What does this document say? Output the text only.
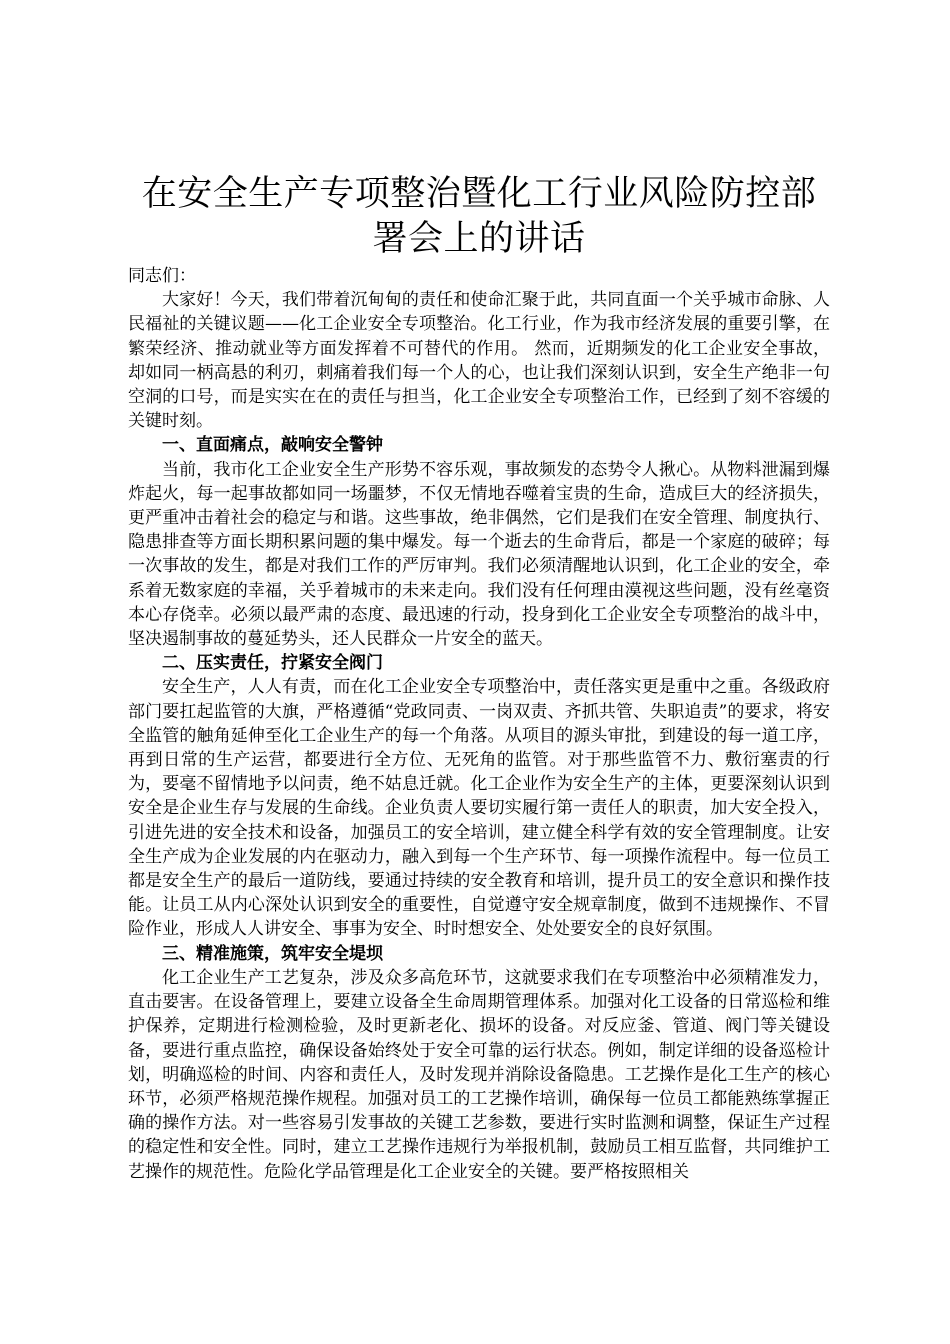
在安全生产专项整治暨化工行业风险防控部署会上的讲话

同志们：

大家好！今天，我们带着沉甸甸的责任和使命汇聚于此，共同直面一个关乎城市命脉、人民福祉的关键议题——化工企业安全专项整治。化工行业，作为我市经济发展的重要引擎，在繁荣经济、推动就业等方面发挥着不可替代的作用。 然而，近期频发的化工企业安全事故，却如同一柄高悬的利刃，刺痛着我们每一个人的心，也让我们深刻认识到，安全生产绝非一句空洞的口号，而是实实在在的责任与担当，化工企业安全专项整治工作，已经到了刻不容缓的关键时刻。

一、直面痛点，敲响安全警钟

当前，我市化工企业安全生产形势不容乐观，事故频发的态势令人揪心。从物料泄漏到爆炸起火，每一起事故都如同一场噩梦，不仅无情地吞噬着宝贵的生命，造成巨大的经济损失，更严重冲击着社会的稳定与和谐。这些事故，绝非偶然，它们是我们在安全管理、制度执行、隐患排查等方面长期积累问题的集中爆发。每一个逝去的生命背后，都是一个家庭的破碎；每一次事故的发生，都是对我们工作的严厉审判。我们必须清醒地认识到，化工企业的安全，牵系着无数家庭的幸福，关乎着城市的未来走向。我们没有任何理由漠视这些问题，没有丝毫资本心存侥幸。必须以最严肃的态度、最迅速的行动，投身到化工企业安全专项整治的战斗中，坚决遏制事故的蔓延势头，还人民群众一片安全的蓝天。

二、压实责任，拧紧安全阀门

安全生产，人人有责，而在化工企业安全专项整治中，责任落实更是重中之重。各级政府部门要扛起监管的大旗，严格遵循“党政同责、一岗双责、齐抓共管、失职追责”的要求，将安全监管的触角延伸至化工企业生产的每一个角落。从项目的源头审批，到建设的每一道工序，再到日常的生产运营，都要进行全方位、无死角的监管。对于那些监管不力、敷衍塞责的行为，要毫不留情地予以问责，绝不姑息迁就。化工企业作为安全生产的主体，更要深刻认识到安全是企业生存与发展的生命线。企业负责人要切实履行第一责任人的职责，加大安全投入，引进先进的安全技术和设备，加强员工的安全培训，建立健全科学有效的安全管理制度。让安全生产成为企业发展的内在驱动力，融入到每一个生产环节、每一项操作流程中。每一位员工都是安全生产的最后一道防线，要通过持续的安全教育和培训，提升员工的安全意识和操作技能。让员工从内心深处认识到安全的重要性，自觉遵守安全规章制度，做到不违规操作、不冒险作业，形成人人讲安全、事事为安全、时时想安全、处处要安全的良好氛围。

三、精准施策，筑牢安全堤坝

化工企业生产工艺复杂，涉及众多高危环节，这就要求我们在专项整治中必须精准发力，直击要害。在设备管理上，要建立设备全生命周期管理体系。加强对化工设备的日常巡检和维护保养，定期进行检测检验，及时更新老化、损坏的设备。对反应釜、管道、阀门等关键设备，要进行重点监控，确保设备始终处于安全可靠的运行状态。例如，制定详细的设备巡检计划，明确巡检的时间、内容和责任人，及时发现并消除设备隐患。工艺操作是化工生产的核心环节，必须严格规范操作规程。加强对员工的工艺操作培训，确保每一位员工都能熟练掌握正确的操作方法。对一些容易引发事故的关键工艺参数，要进行实时监测和调整，保证生产过程的稳定性和安全性。同时，建立工艺操作违规行为举报机制，鼓励员工相互监督，共同维护工艺操作的规范性。危险化学品管理是化工企业安全的关键。要严格按照相关
